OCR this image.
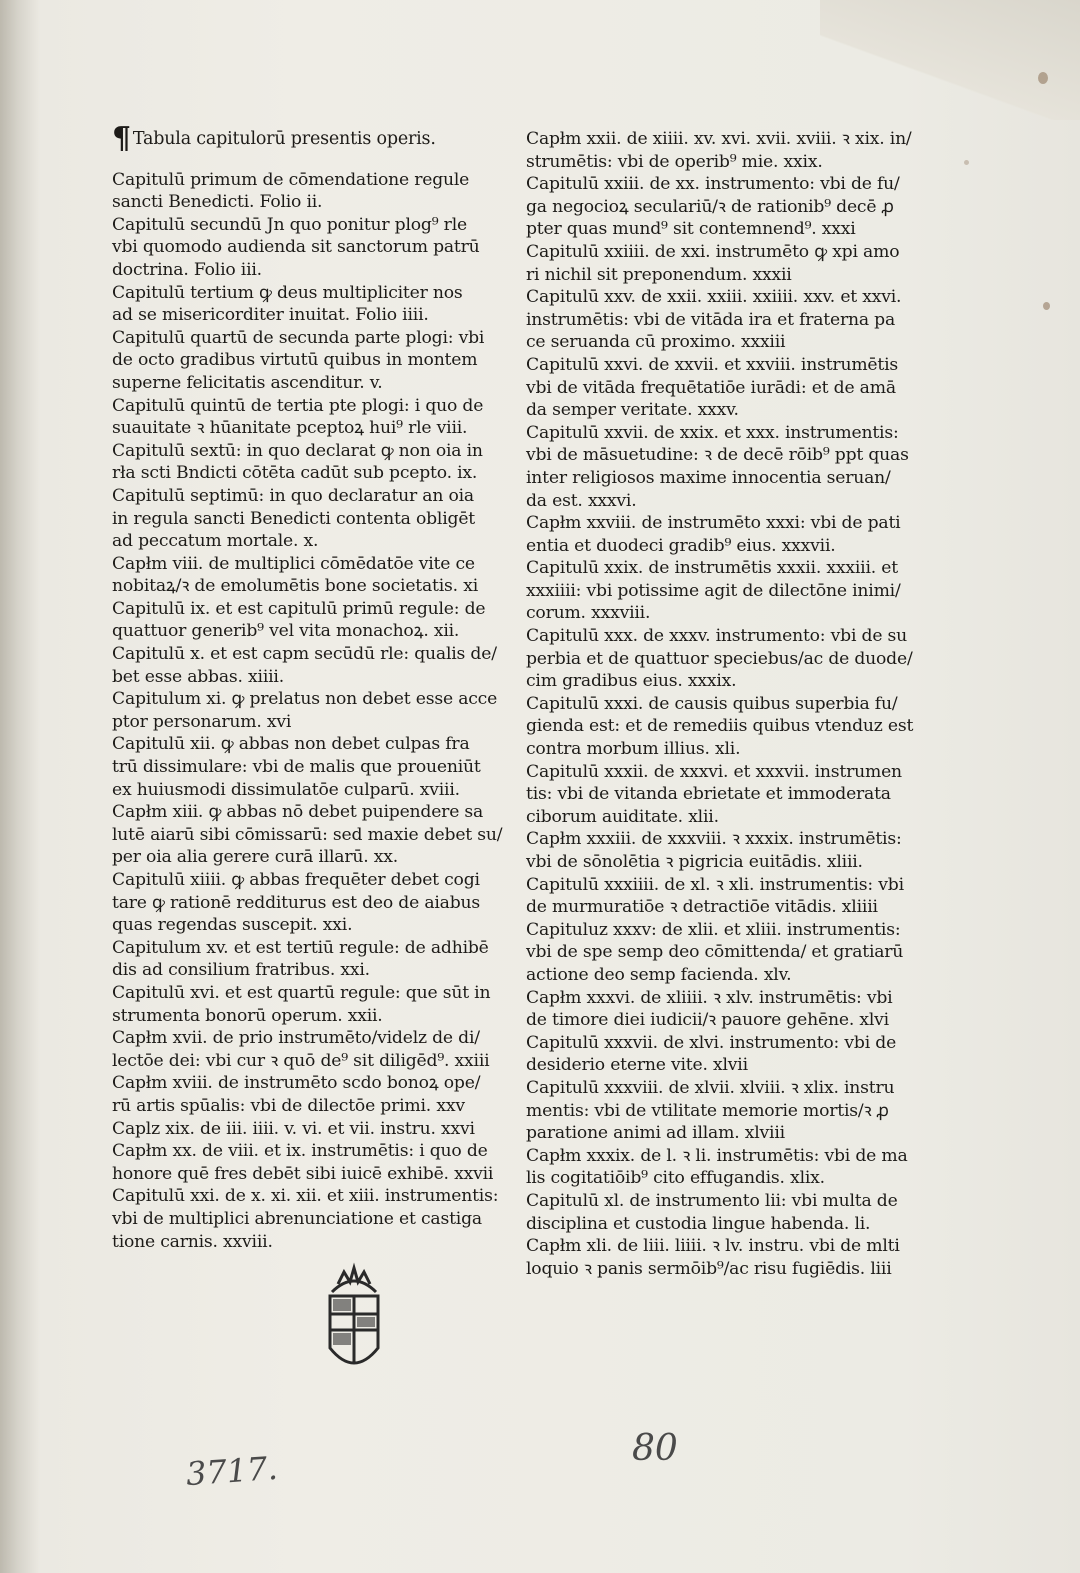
¶ Tabula capitulorū presentis operis.
Capitulū primum de cōmendatione regule
sancti Benedicti. Folio ii.
Capitulū secundū Jn quo ponitur plog⁹ rle
vbi quomodo audienda sit sanctorum patrū
doctrina. Folio iii.
Capitulū tertium ꝙ deus multipliciter nos
ad se misericorditer inuitat. Folio iiii.
Capitulū quartū de secunda parte plogi: vbi
de octo gradibus virtutū quibus in montem
superne felicitatis ascenditur. v.
Capitulū quintū de tertia pte plogi: i quo de
suauitate ꝛ hūanitate pceptoꝝ hui⁹ rle viii.
Capitulū sextū: in quo declarat ꝙ non oia in
rła scti Bndicti cōtēta cadūt sub pcepto. ix.
Capitulū septimū: in quo declaratur an oia
in regula sancti Benedicti contenta obligēt
ad peccatum mortale. x.
Capłm viii. de multiplici cōmēdatōe vite ce
nobitaꝝ/ꝛ de emolumētis bone societatis. xi
Capitulū ix. et est capitulū primū regule: de
quattuor generib⁹ vel vita monachoꝝ. xii.
Capitulū x. et est capm secūdū rle: qualis de/
bet esse abbas. xiiii.
Capitulum xi. ꝙ prelatus non debet esse acce
ptor personarum. xvi
Capitulū xii. ꝙ abbas non debet culpas fra
trū dissimulare: vbi de malis que proueniūt
ex huiusmodi dissimulatōe culparū. xviii.
Capłm xiii. ꝙ abbas nō debet puipendere sa
lutē aiarū sibi cōmissarū: sed maxie debet su/
per oia alia gerere curā illarū. xx.
Capitulū xiiii. ꝙ abbas frequēter debet cogi
tare ꝙ rationē redditurus est deo de aiabus
quas regendas suscepit. xxi.
Capitulum xv. et est tertiū regule: de adhibē
dis ad consilium fratribus. xxi.
Capitulū xvi. et est quartū regule: que sūt in
strumenta bonorū operum. xxii.
Capłm xvii. de prio instrumēto/videlz de di/
lectōe dei: vbi cur ꝛ quō de⁹ sit diligēd⁹. xxiii
Capłm xviii. de instrumēto scdo bonoꝝ ope/
rū artis spūalis: vbi de dilectōe primi. xxv
Caplz xix. de iii. iiii. v. vi. et vii. instru. xxvi
Capłm xx. de viii. et ix. instrumētis: i quo de
honore quē fres debēt sibi iuicē exhibē. xxvii
Capitulū xxi. de x. xi. xii. et xiii. instrumentis:
vbi de multiplici abrenunciatione et castiga
tione carnis. xxviii.
Capłm xxii. de xiiii. xv. xvi. xvii. xviii. ꝛ xix. in/
strumētis: vbi de operib⁹ mie. xxix.
Capitulū xxiii. de xx. instrumento: vbi de fu/
ga negocioꝝ seculariū/ꝛ de rationib⁹ decē ꝓ
pter quas mund⁹ sit contemnend⁹. xxxi
Capitulū xxiiii. de xxi. instrumēto ꝙ xpi amo
ri nichil sit preponendum. xxxii
Capitulū xxv. de xxii. xxiii. xxiiii. xxv. et xxvi.
instrumētis: vbi de vitāda ira et fraterna pa
ce seruanda cū proximo. xxxiii
Capitulū xxvi. de xxvii. et xxviii. instrumētis
vbi de vitāda frequētatiōe iurādi: et de amā
da semper veritate. xxxv.
Capitulū xxvii. de xxix. et xxx. instrumentis:
vbi de māsuetudine: ꝛ de decē rōib⁹ ppt quas
inter religiosos maxime innocentia seruan/
da est. xxxvi.
Capłm xxviii. de instrumēto xxxi: vbi de pati
entia et duodeci gradib⁹ eius. xxxvii.
Capitulū xxix. de instrumētis xxxii. xxxiii. et
xxxiiii: vbi potissime agit de dilectōne inimi/
corum. xxxviii.
Capitulū xxx. de xxxv. instrumento: vbi de su
perbia et de quattuor speciebus/ac de duode/
cim gradibus eius. xxxix.
Capitulū xxxi. de causis quibus superbia fu/
gienda est: et de remediis quibus vtenduz est
contra morbum illius. xli.
Capitulū xxxii. de xxxvi. et xxxvii. instrumen
tis: vbi de vitanda ebrietate et immoderata
ciborum auiditate. xlii.
Capłm xxxiii. de xxxviii. ꝛ xxxix. instrumētis:
vbi de sōnolētia ꝛ pigricia euitādis. xliii.
Capitulū xxxiiii. de xl. ꝛ xli. instrumentis: vbi
de murmuratiōe ꝛ detractiōe vitādis. xliiii
Capituluz xxxv: de xlii. et xliii. instrumentis:
vbi de spe semp deo cōmittenda/ et gratiarū
actione deo semp facienda. xlv.
Capłm xxxvi. de xliiii. ꝛ xlv. instrumētis: vbi
de timore diei iudicii/ꝛ pauore gehēne. xlvi
Capitulū xxxvii. de xlvi. instrumento: vbi de
desiderio eterne vite. xlvii
Capitulū xxxviii. de xlvii. xlviii. ꝛ xlix. instru
mentis: vbi de vtilitate memorie mortis/ꝛ ꝓ
paratione animi ad illam. xlviii
Capłm xxxix. de l. ꝛ li. instrumētis: vbi de ma
lis cogitatiōib⁹ cito effugandis. xlix.
Capitulū xl. de instrumento lii: vbi multa de
disciplina et custodia lingue habenda. li.
Capłm xli. de liii. liiii. ꝛ lv. instru. vbi de mlti
loquio ꝛ panis sermōib⁹/ac risu fugiēdis. liii
3717.
80
